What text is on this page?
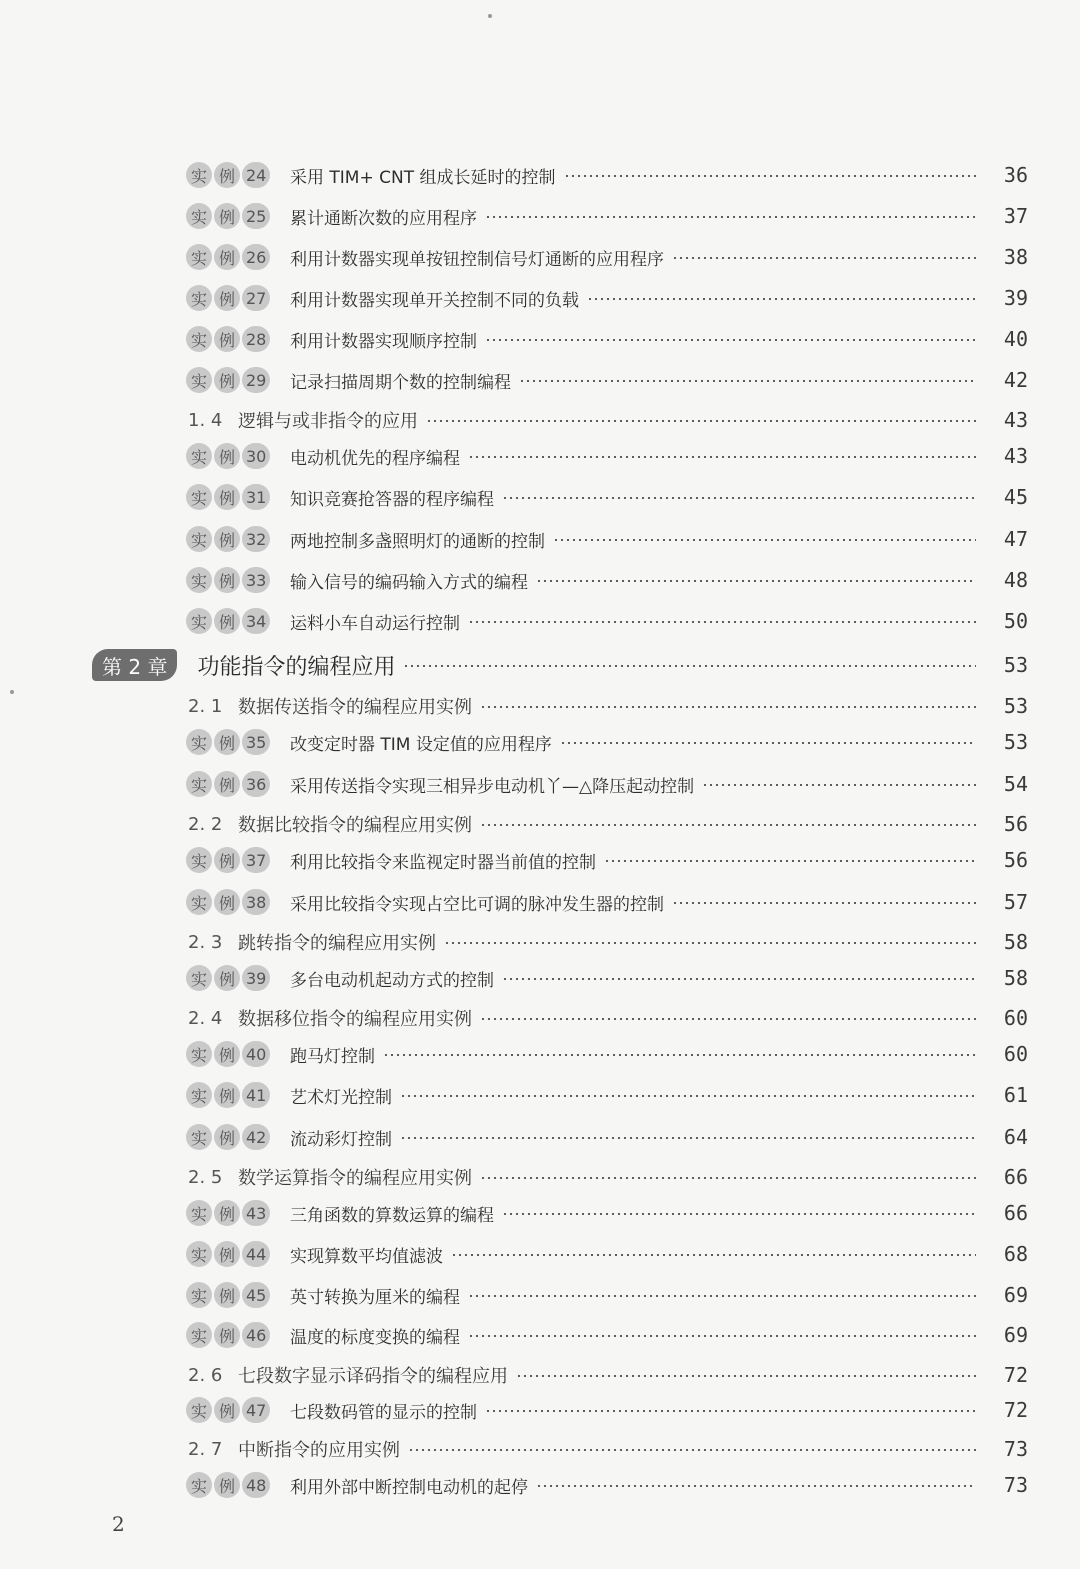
实 例 24 采用 TIM+ CNT 组成长延时的控制	36
实 例 25 累计通断次数的应用程序	37
实 例 26 利用计数器实现单按钮控制信号灯通断的应用程序	38
实 例 27 利用计数器实现单开关控制不同的负载	39
实 例 28 利用计数器实现顺序控制	40
实 例 29 记录扫描周期个数的控制编程	42
1. 4 逻辑与或非指令的应用	43
实 例 30 电动机优先的程序编程	43
实 例 31 知识竞赛抢答器的程序编程	45
实 例 32 两地控制多盏照明灯的通断的控制	47
实 例 33 输入信号的编码输入方式的编程	48
实 例 34 运料小车自动运行控制	50
第 2 章	功能指令的编程应用	53
2. 1 数据传送指令的编程应用实例	53
实 例 35 改变定时器 TIM 设定值的应用程序	53
实 例 36 采用传送指令实现三相异步电动机丫—△降压起动控制	54
2. 2 数据比较指令的编程应用实例	56
实 例 37 利用比较指令来监视定时器当前值的控制	56
实 例 38 采用比较指令实现占空比可调的脉冲发生器的控制	57
2. 3 跳转指令的编程应用实例	58
实 例 39 多台电动机起动方式的控制	58
2. 4 数据移位指令的编程应用实例	60
实 例 40 跑马灯控制	60
实 例 41 艺术灯光控制	61
实 例 42 流动彩灯控制	64
2. 5 数学运算指令的编程应用实例	66
实 例 43 三角函数的算数运算的编程	66
实 例 44 实现算数平均值滤波	68
实 例 45 英寸转换为厘米的编程	69
实 例 46 温度的标度变换的编程	69
2. 6 七段数字显示译码指令的编程应用	72
实 例 47 七段数码管的显示的控制	72
2. 7 中断指令的应用实例	73
实 例 48 利用外部中断控制电动机的起停	73
2
